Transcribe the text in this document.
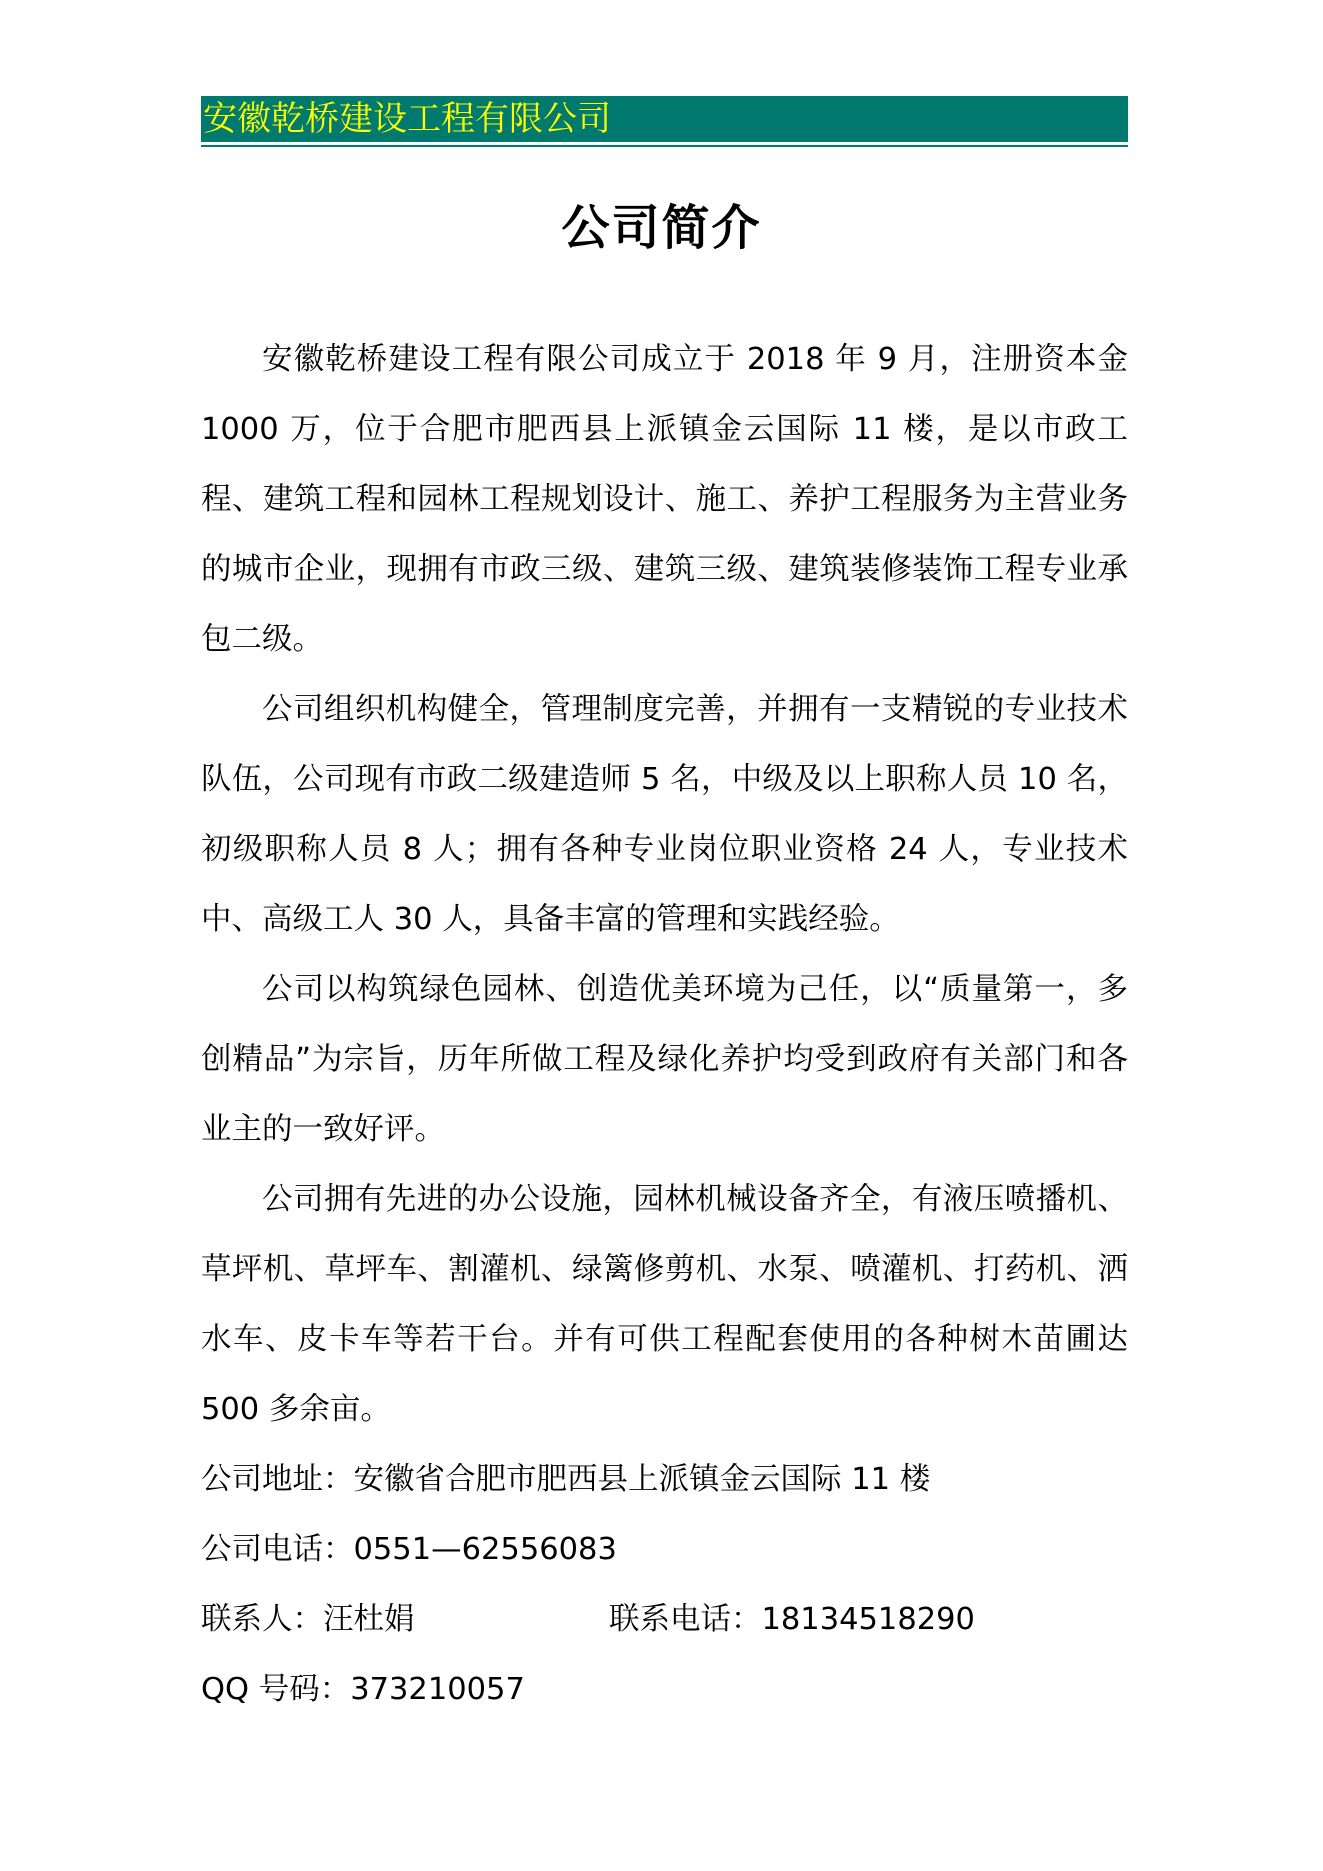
安徽乾桥建设工程有限公司
公司简介

安徽乾桥建设工程有限公司成立于 2018 年 9 月，注册资本金 1000 万，位于合肥市肥西县上派镇金云国际 11 楼，是以市政工程、建筑工程和园林工程规划设计、施工、养护工程服务为主营业务的城市企业，现拥有市政三级、建筑三级、建筑装修装饰工程专业承包二级。

公司组织机构健全，管理制度完善，并拥有一支精锐的专业技术队伍，公司现有市政二级建造师 5 名，中级及以上职称人员 10 名，初级职称人员 8 人；拥有各种专业岗位职业资格 24 人，专业技术中、高级工人 30 人，具备丰富的管理和实践经验。

公司以构筑绿色园林、创造优美环境为己任，以“质量第一，多创精品”为宗旨，历年所做工程及绿化养护均受到政府有关部门和各业主的一致好评。

公司拥有先进的办公设施，园林机械设备齐全，有液压喷播机、草坪机、草坪车、割灌机、绿篱修剪机、水泵、喷灌机、打药机、洒水车、皮卡车等若干台。并有可供工程配套使用的各种树木苗圃达 500 多余亩。

公司地址：安徽省合肥市肥西县上派镇金云国际 11 楼

公司电话：0551—62556083

联系人：汪杜娟	联系电话：18134518290

QQ 号码：373210057
